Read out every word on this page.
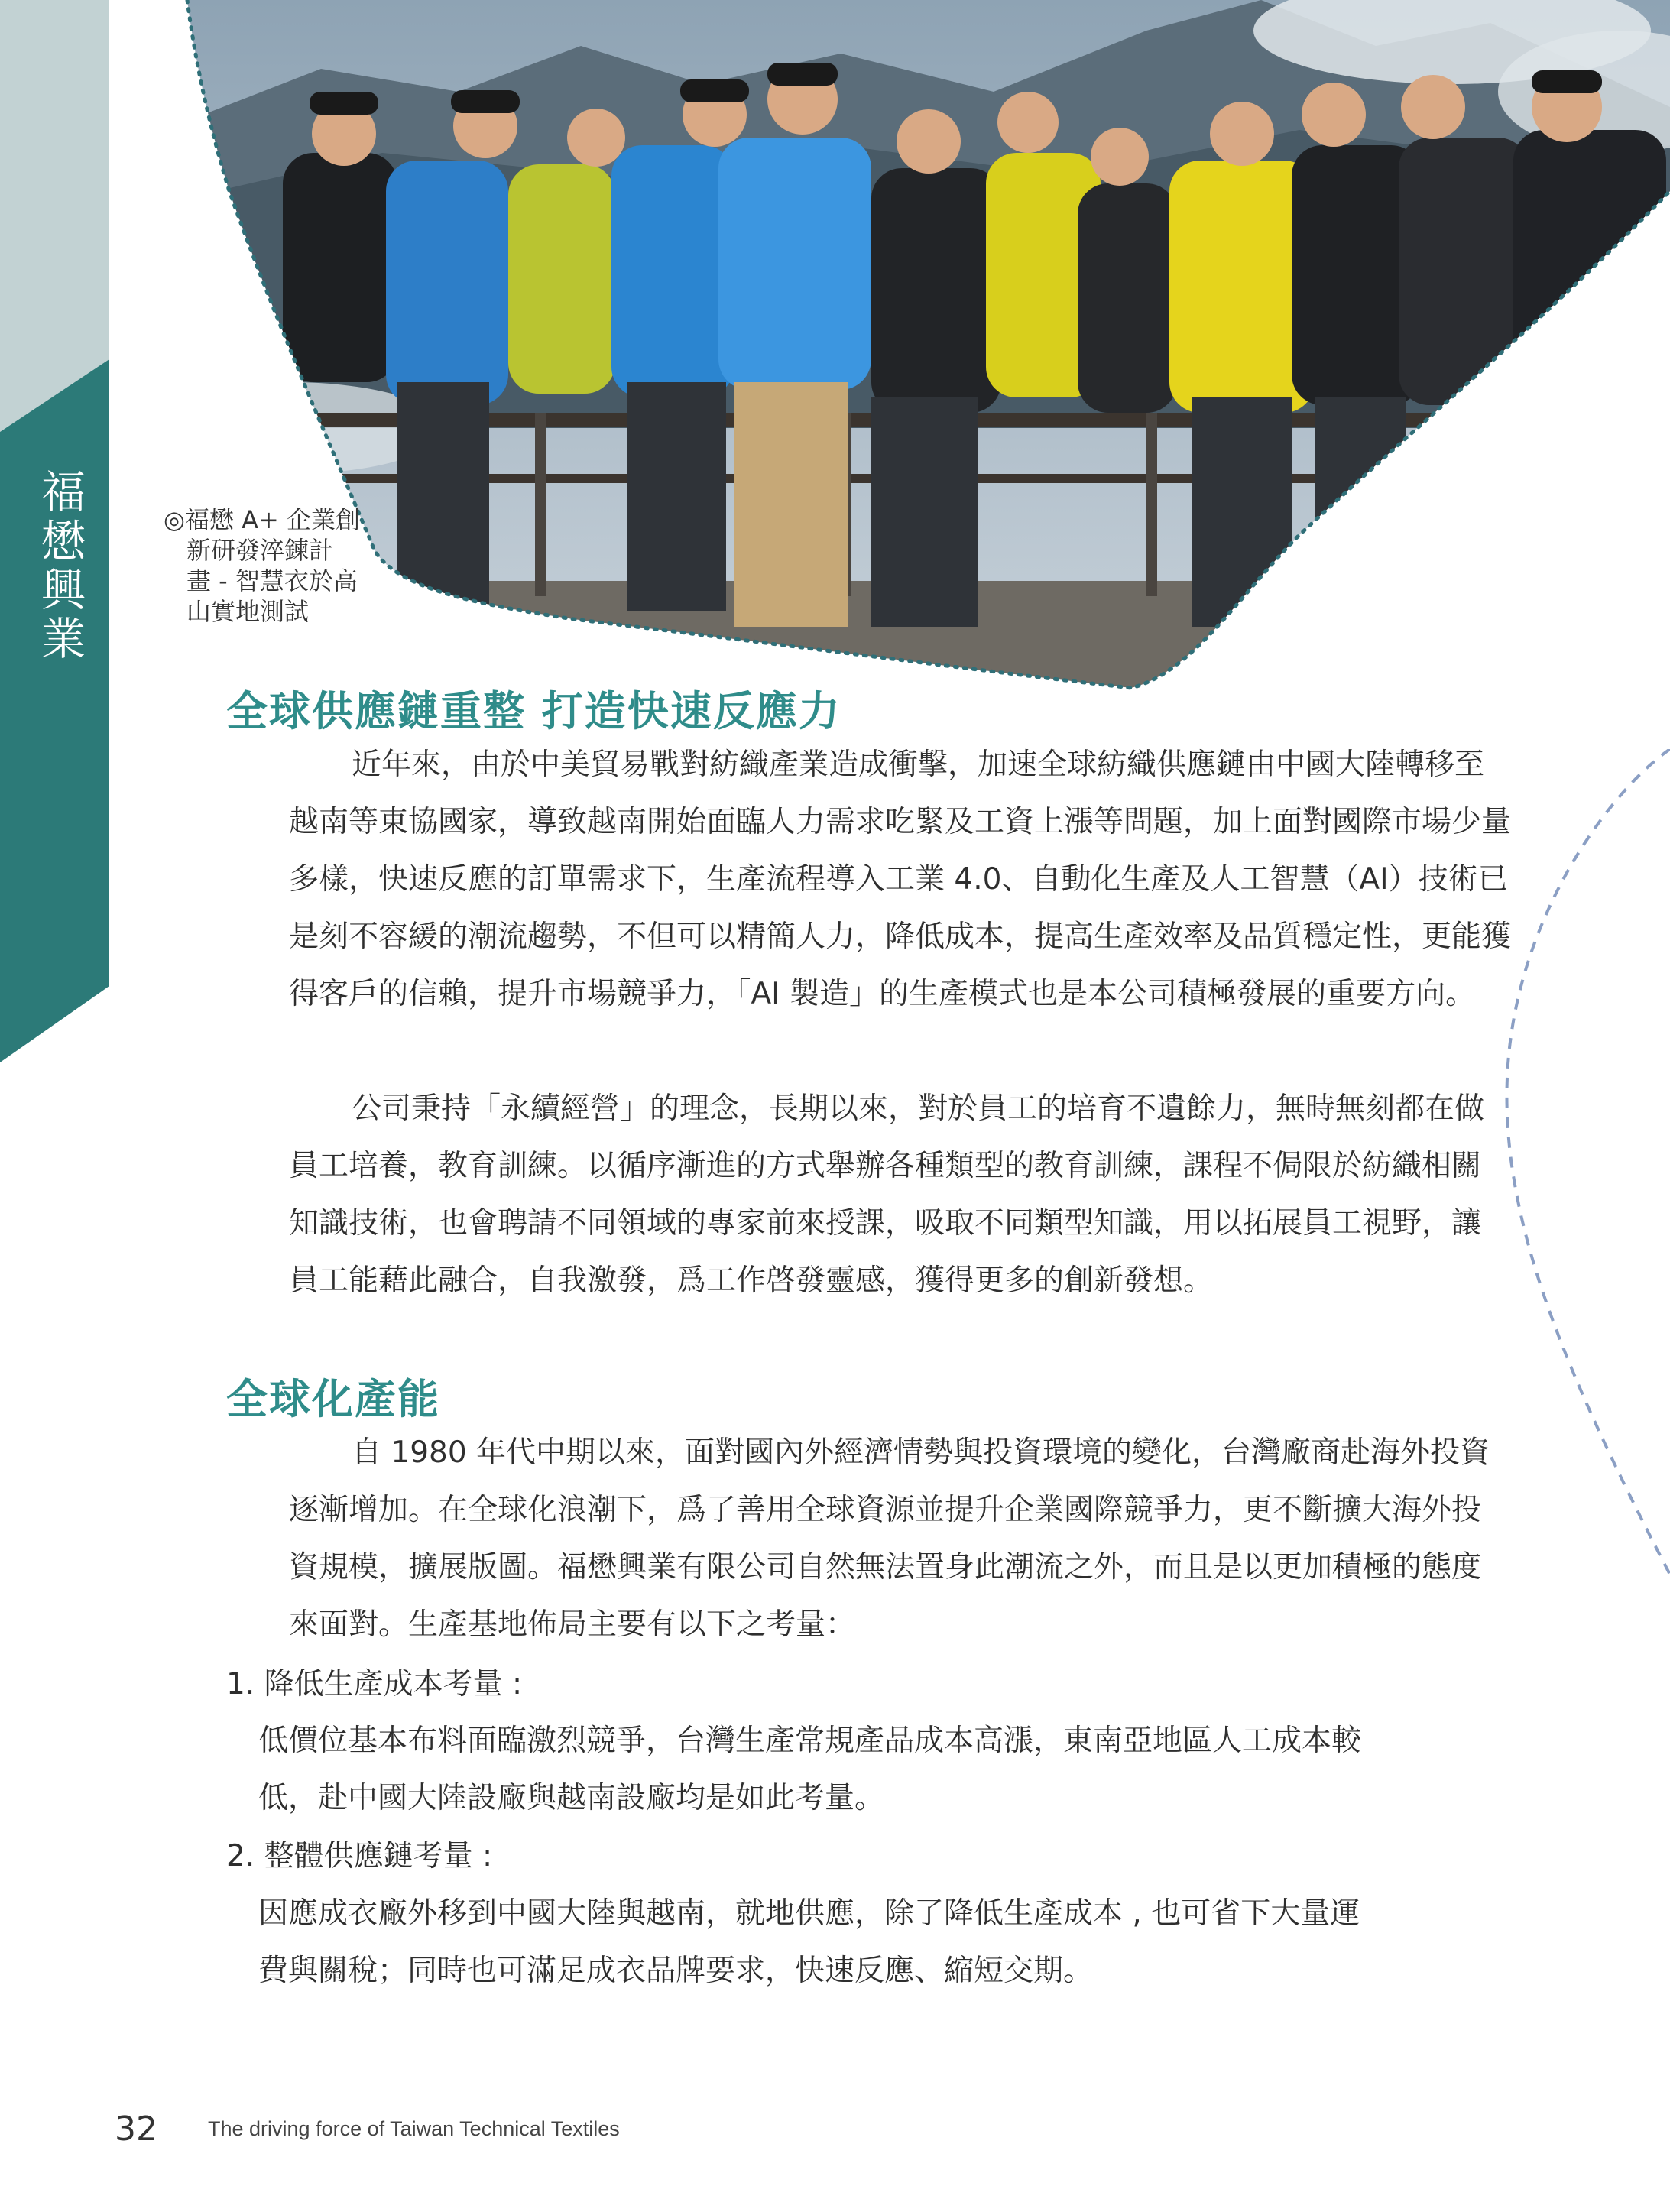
福
懋
興
業
◎福懋 A+ 企業創
新研發淬鍊計
畫 - 智慧衣於高
山實地測試
全球供應鏈重整 打造快速反應力

近年來，由於中美貿易戰對紡織產業造成衝擊，加速全球紡織供應鏈由中國大陸轉移至
越南等東協國家，導致越南開始面臨人力需求吃緊及工資上漲等問題，加上面對國際市場少量
多樣，快速反應的訂單需求下，生產流程導入工業 4.0、自動化生產及人工智慧（AI）技術已
是刻不容緩的潮流趨勢，不但可以精簡人力，降低成本，提高生產效率及品質穩定性，更能獲
得客戶的信賴，提升市場競爭力，「AI 製造」的生產模式也是本公司積極發展的重要方向。

公司秉持「永續經營」的理念，長期以來，對於員工的培育不遺餘力，無時無刻都在做
員工培養，教育訓練。以循序漸進的方式舉辦各種類型的教育訓練，課程不侷限於紡織相關
知識技術，也會聘請不同領域的專家前來授課，吸取不同類型知識，用以拓展員工視野，讓
員工能藉此融合，自我激發，爲工作啓發靈感，獲得更多的創新發想。

全球化產能

自 1980 年代中期以來，面對國內外經濟情勢與投資環境的變化，台灣廠商赴海外投資
逐漸增加。在全球化浪潮下，爲了善用全球資源並提升企業國際競爭力，更不斷擴大海外投
資規模，擴展版圖。福懋興業有限公司自然無法置身此潮流之外，而且是以更加積極的態度
來面對。生產基地佈局主要有以下之考量：

1. 降低生產成本考量 :

低價位基本布料面臨激烈競爭，台灣生產常規產品成本高漲，東南亞地區人工成本較
低，赴中國大陸設廠與越南設廠均是如此考量。

2. 整體供應鏈考量 :

因應成衣廠外移到中國大陸與越南，就地供應，除了降低生產成本 , 也可省下大量運
費與關稅；同時也可滿足成衣品牌要求，快速反應、縮短交期。

32 The driving force of Taiwan Technical Textiles
